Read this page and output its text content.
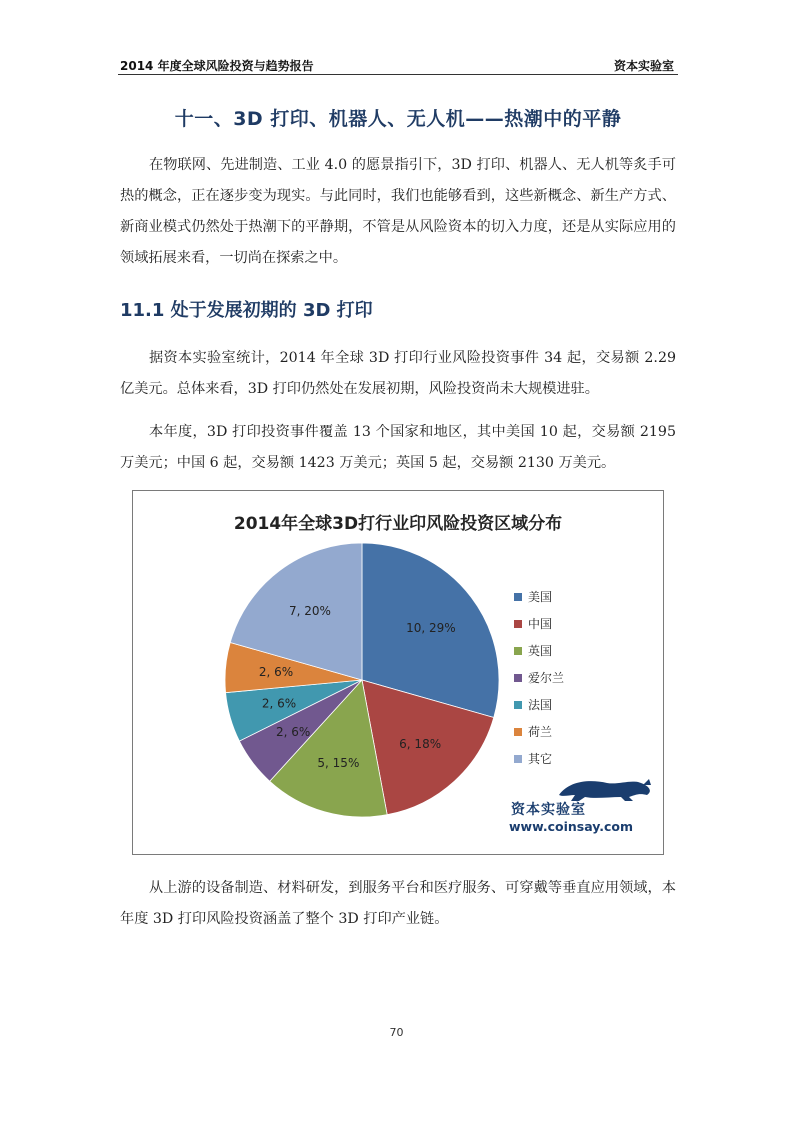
2014 年度全球风险投资与趋势报告	资本实验室
十一、3D 打印、机器人、无人机——热潮中的平静
在物联网、先进制造、工业 4.0 的愿景指引下，3D 打印、机器人、无人机等炙手可热的概念，正在逐步变为现实。与此同时，我们也能够看到，这些新概念、新生产方式、新商业模式仍然处于热潮下的平静期，不管是从风险资本的切入力度，还是从实际应用的领域拓展来看，一切尚在探索之中。
11.1 处于发展初期的 3D 打印
据资本实验室统计，2014 年全球 3D 打印行业风险投资事件 34 起，交易额 2.29 亿美元。总体来看，3D 打印仍然处在发展初期，风险投资尚未大规模进驻。
本年度，3D 打印投资事件覆盖 13 个国家和地区，其中美国 10 起，交易额 2195 万美元；中国 6 起，交易额 1423 万美元；英国 5 起，交易额 2130 万美元。
2014年全球3D打行业印风险投资区域分布
10, 29%
6, 18%
5, 15%
2, 6%
2, 6%
2, 6%
7, 20%
美国
中国
英国
爱尔兰
法国
荷兰
其它
资本实验室
www.coinsay.com
从上游的设备制造、材料研发，到服务平台和医疗服务、可穿戴等垂直应用领域，本年度 3D 打印风险投资涵盖了整个 3D 打印产业链。
70
